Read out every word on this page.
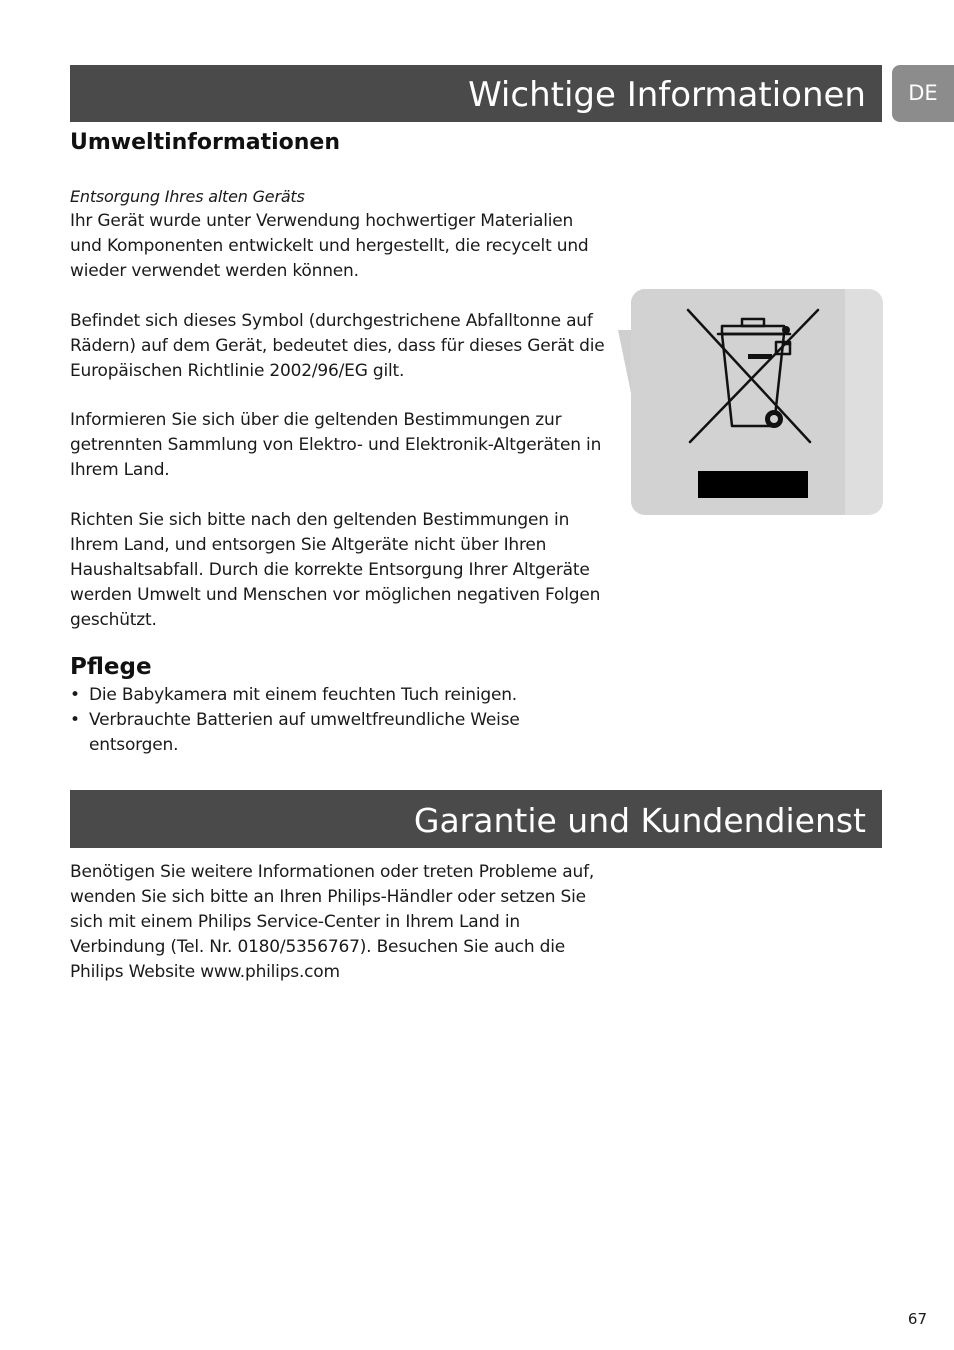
Wichtige Informationen	DE
Umweltinformationen

Entsorgung Ihres alten Geräts

Ihr Gerät wurde unter Verwendung hochwertiger Materialien und Komponenten entwickelt und hergestellt, die recycelt und wieder verwendet werden können.

Befindet sich dieses Symbol (durchgestrichene Abfalltonne auf Rädern) auf dem Gerät, bedeutet dies, dass für dieses Gerät die Europäischen Richtlinie 2002/96/EG gilt.

Informieren Sie sich über die geltenden Bestimmungen zur getrennten Sammlung von Elektro- und Elektronik-Altgeräten in Ihrem Land.

Richten Sie sich bitte nach den geltenden Bestimmungen in Ihrem Land, und entsorgen Sie Altgeräte nicht über Ihren Haushaltsabfall. Durch die korrekte Entsorgung Ihrer Altgeräte werden Umwelt und Menschen vor möglichen negativen Folgen geschützt.

Pflege
• Die Babykamera mit einem feuchten Tuch reinigen.
• Verbrauchte Batterien auf umweltfreundliche Weise entsorgen.
Garantie und Kundendienst

Benötigen Sie weitere Informationen oder treten Probleme auf, wenden Sie sich bitte an Ihren Philips-Händler oder setzen Sie sich mit einem Philips Service-Center in Ihrem Land in Verbindung (Tel. Nr. 0180/5356767). Besuchen Sie auch die Philips Website www.philips.com

67
